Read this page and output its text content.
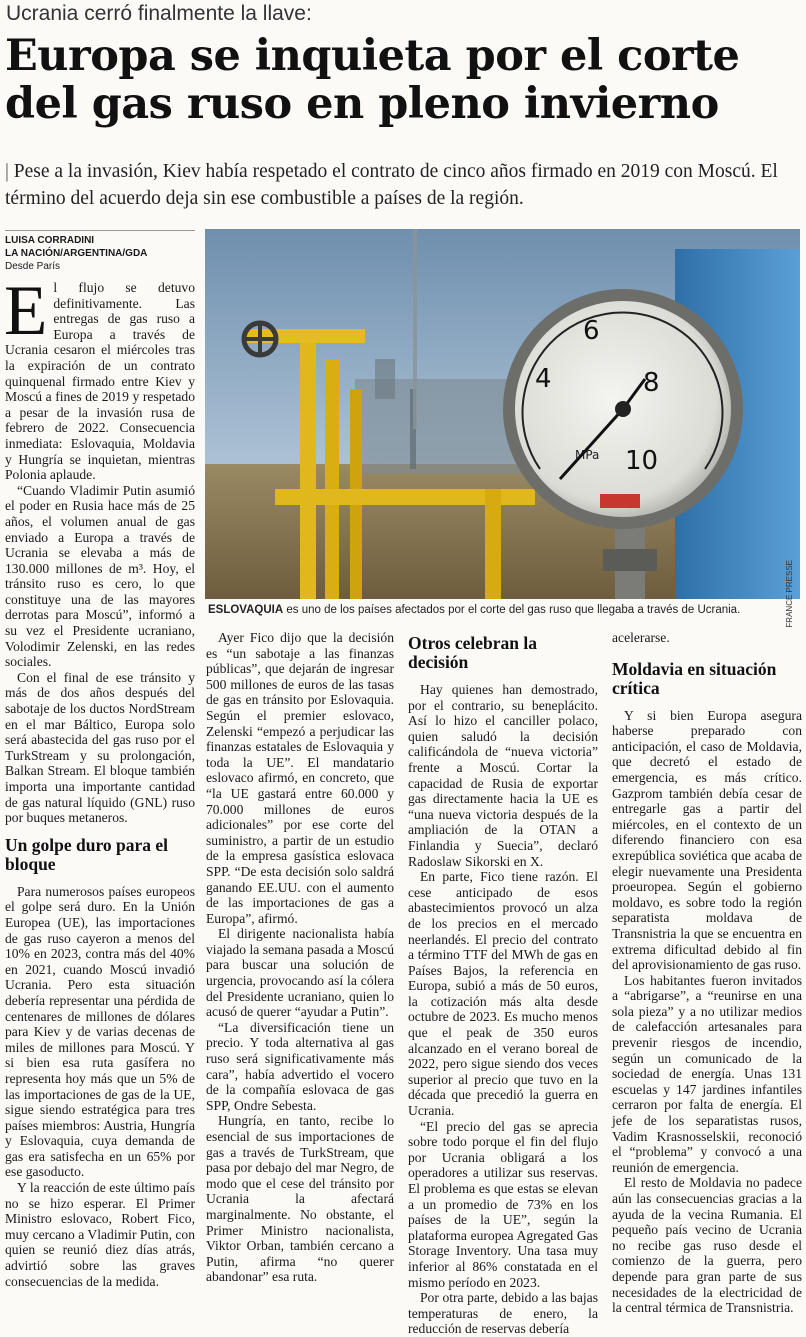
Ucrania cerró finalmente la llave:
Europa se inquieta por el corte del gas ruso en pleno invierno
| Pese a la invasión, Kiev había respetado el contrato de cinco años firmado en 2019 con Moscú. El término del acuerdo deja sin ese combustible a países de la región.
LUISA CORRADINI
LA NACIÓN/ARGENTINA/GDA
Desde París
4
6
8
10
MPa
FRANCE PRESSE
ESLOVAQUIA es uno de los países afectados por el corte del gas ruso que llegaba a través de Ucrania.

El flujo se detuvo definitivamente. Las entregas de gas ruso a Europa a través de Ucrania cesaron el miércoles tras la expiración de un contrato quinquenal firmado entre Kiev y Moscú a fines de 2019 y respetado a pesar de la invasión rusa de febrero de 2022. Consecuencia inmediata: Eslovaquia, Moldavia y Hungría se inquietan, mientras Polonia aplaude.

“Cuando Vladimir Putin asumió el poder en Rusia hace más de 25 años, el volumen anual de gas enviado a Europa a través de Ucrania se elevaba a más de 130.000 millones de m³. Hoy, el tránsito ruso es cero, lo que constituye una de las mayores derrotas para Moscú”, informó a su vez el Presidente ucraniano, Volodimir Zelenski, en las redes sociales.

Con el final de ese tránsito y más de dos años después del sabotaje de los ductos NordStream en el mar Báltico, Europa solo será abastecida del gas ruso por el TurkStream y su prolongación, Balkan Stream. El bloque también importa una importante cantidad de gas natural líquido (GNL) ruso por buques metaneros.

Un golpe duro para el bloque

Para numerosos países europeos el golpe será duro. En la Unión Europea (UE), las importaciones de gas ruso cayeron a menos del 10% en 2023, contra más del 40% en 2021, cuando Moscú invadió Ucrania. Pero esta situación debería representar una pérdida de centenares de millones de dólares para Kiev y de varias decenas de miles de millones para Moscú. Y si bien esa ruta gasífera no representa hoy más que un 5% de las importaciones de gas de la UE, sigue siendo estratégica para tres países miembros: Austria, Hungría y Eslovaquia, cuya demanda de gas era satisfecha en un 65% por ese gasoducto.

Y la reacción de este último país no se hizo esperar. El Primer Ministro eslovaco, Robert Fico, muy cercano a Vladimir Putin, con quien se reunió diez días atrás, advirtió sobre las graves consecuencias de la medida.

Ayer Fico dijo que la decisión es “un sabotaje a las finanzas públicas”, que dejarán de ingresar 500 millones de euros de las tasas de gas en tránsito por Eslovaquia. Según el premier eslovaco, Zelenski “empezó a perjudicar las finanzas estatales de Eslovaquia y toda la UE”. El mandatario eslovaco afirmó, en concreto, que “la UE gastará entre 60.000 y 70.000 millones de euros adicionales” por ese corte del suministro, a partir de un estudio de la empresa gasística eslovaca SPP. “De esta decisión solo saldrá ganando EE.UU. con el aumento de las importaciones de gas a Europa”, afirmó.

El dirigente nacionalista había viajado la semana pasada a Moscú para buscar una solución de urgencia, provocando así la cólera del Presidente ucraniano, quien lo acusó de querer “ayudar a Putin”.

“La diversificación tiene un precio. Y toda alternativa al gas ruso será significativamente más cara”, había advertido el vocero de la compañía eslovaca de gas SPP, Ondre Sebesta.

Hungría, en tanto, recibe lo esencial de sus importaciones de gas a través de TurkStream, que pasa por debajo del mar Negro, de modo que el cese del tránsito por Ucrania la afectará marginalmente. No obstante, el Primer Ministro nacionalista, Viktor Orban, también cercano a Putin, afirma “no querer abandonar” esa ruta.

Otros celebran la decisión

Hay quienes han demostrado, por el contrario, su beneplácito. Así lo hizo el canciller polaco, quien saludó la decisión calificándola de “nueva victoria” frente a Moscú. Cortar la capacidad de Rusia de exportar gas directamente hacia la UE es “una nueva victoria después de la ampliación de la OTAN a Finlandia y Suecia”, declaró Radoslaw Sikorski en X.

En parte, Fico tiene razón. El cese anticipado de esos abastecimientos provocó un alza de los precios en el mercado neerlandés. El precio del contrato a término TTF del MWh de gas en Países Bajos, la referencia en Europa, subió a más de 50 euros, la cotización más alta desde octubre de 2023. Es mucho menos que el peak de 350 euros alcanzado en el verano boreal de 2022, pero sigue siendo dos veces superior al precio que tuvo en la década que precedió la guerra en Ucrania.

“El precio del gas se aprecia sobre todo porque el fin del flujo por Ucrania obligará a los operadores a utilizar sus reservas. El problema es que estas se elevan a un promedio de 73% en los países de la UE”, según la plataforma europea Agregated Gas Storage Inventory. Una tasa muy inferior al 86% constatada en el mismo período en 2023.

Por otra parte, debido a las bajas temperaturas de enero, la reducción de reservas debería

acelerarse.

Moldavia en situación crítica

Y si bien Europa asegura haberse preparado con anticipación, el caso de Moldavia, que decretó el estado de emergencia, es más crítico. Gazprom también debía cesar de entregarle gas a partir del miércoles, en el contexto de un diferendo financiero con esa exrepública soviética que acaba de elegir nuevamente una Presidenta proeuropea. Según el gobierno moldavo, es sobre todo la región separatista moldava de Transnistria la que se encuentra en extrema dificultad debido al fin del aprovisionamiento de gas ruso.

Los habitantes fueron invitados a “abrigarse”, a “reunirse en una sola pieza” y a no utilizar medios de calefacción artesanales para prevenir riesgos de incendio, según un comunicado de la sociedad de energía. Unas 131 escuelas y 147 jardines infantiles cerraron por falta de energía. El jefe de los separatistas rusos, Vadim Krasnosselskii, reconoció el “problema” y convocó a una reunión de emergencia.

El resto de Moldavia no padece aún las consecuencias gracias a la ayuda de la vecina Rumania. El pequeño país vecino de Ucrania no recibe gas ruso desde el comienzo de la guerra, pero depende para gran parte de sus necesidades de la electricidad de la central térmica de Transnistria.
